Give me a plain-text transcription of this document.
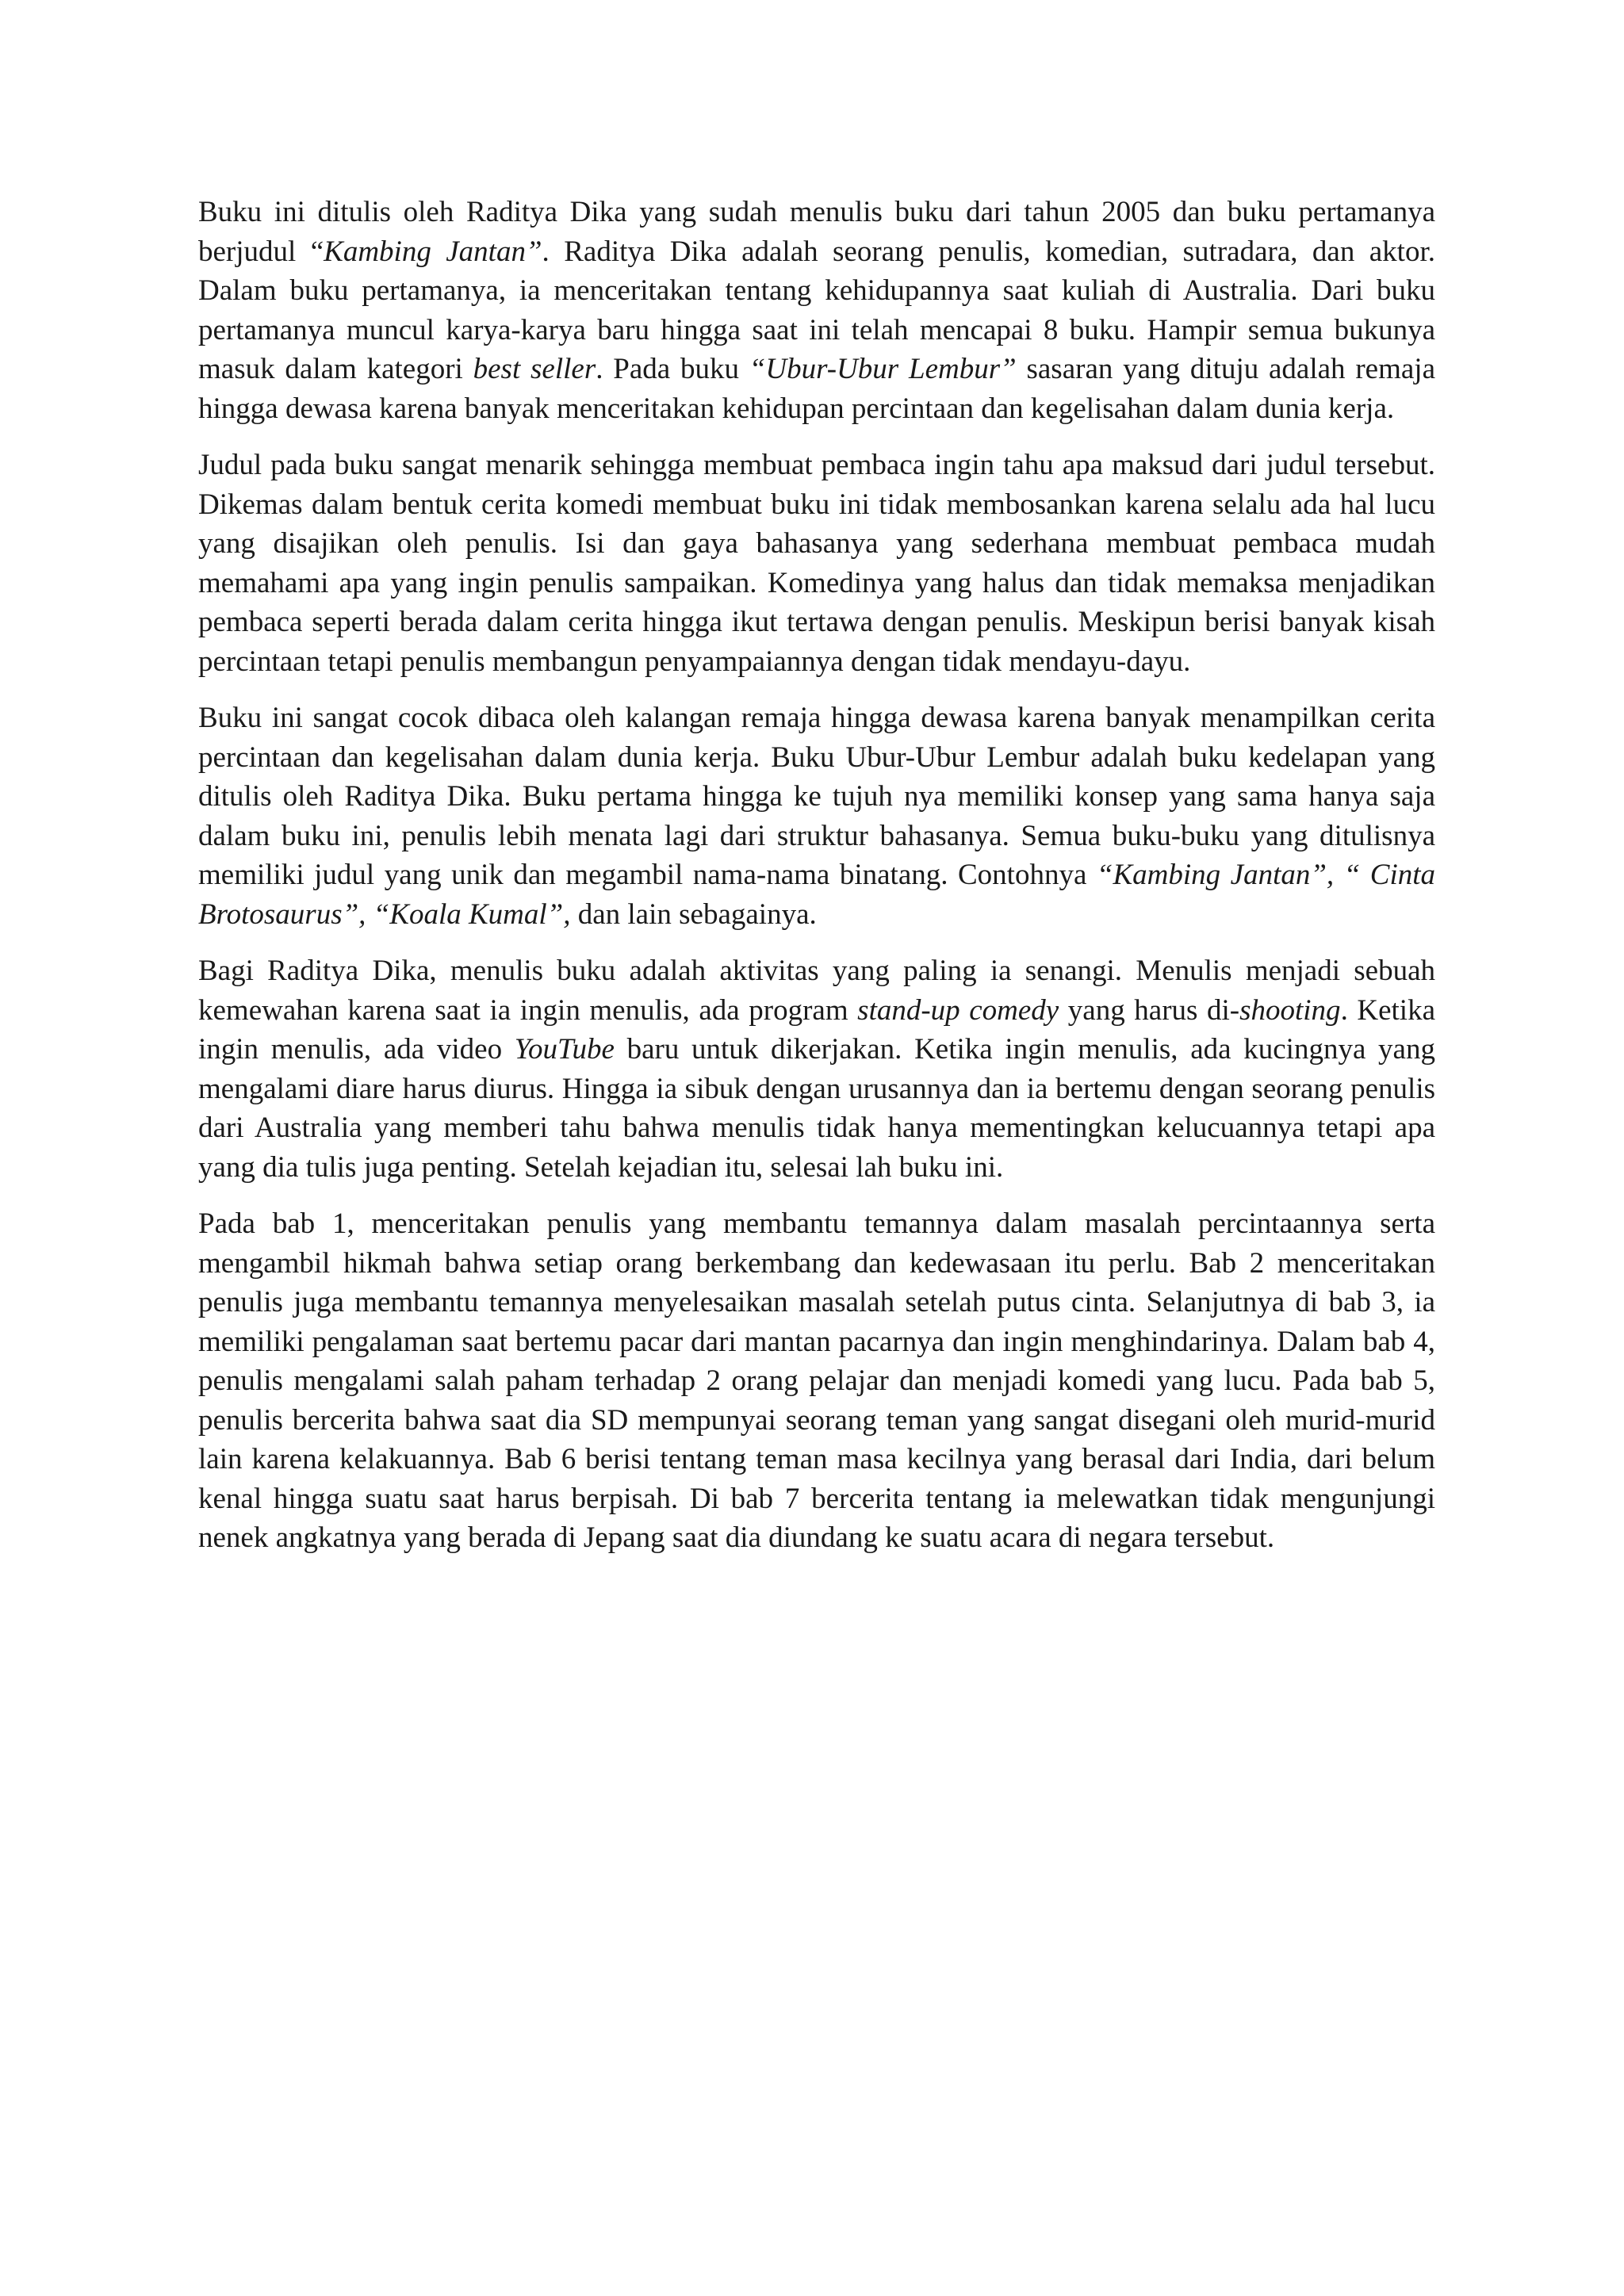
Buku ini ditulis oleh Raditya Dika yang sudah menulis buku dari tahun 2005 dan buku pertamanya berjudul “Kambing Jantan”. Raditya Dika adalah seorang penulis, komedian, sutradara, dan aktor. Dalam buku pertamanya, ia menceritakan tentang kehidupannya saat kuliah di Australia. Dari buku pertamanya muncul karya-karya baru hingga saat ini telah mencapai 8 buku. Hampir semua bukunya masuk dalam kategori best seller. Pada buku “Ubur-Ubur Lembur” sasaran yang dituju adalah remaja hingga dewasa karena banyak menceritakan kehidupan percintaan dan kegelisahan dalam dunia kerja.

Judul pada buku sangat menarik sehingga membuat pembaca ingin tahu apa maksud dari judul tersebut. Dikemas dalam bentuk cerita komedi membuat buku ini tidak membosankan karena selalu ada hal lucu yang disajikan oleh penulis. Isi dan gaya bahasanya yang sederhana membuat pembaca mudah memahami apa yang ingin penulis sampaikan. Komedinya yang halus dan tidak memaksa menjadikan pembaca seperti berada dalam cerita hingga ikut tertawa dengan penulis. Meskipun berisi banyak kisah percintaan tetapi penulis membangun penyampaiannya dengan tidak mendayu-dayu.

Buku ini sangat cocok dibaca oleh kalangan remaja hingga dewasa karena banyak menampilkan cerita percintaan dan kegelisahan dalam dunia kerja. Buku Ubur-Ubur Lembur adalah buku kedelapan yang ditulis oleh Raditya Dika. Buku pertama hingga ke tujuh nya memiliki konsep yang sama hanya saja dalam buku ini, penulis lebih menata lagi dari struktur bahasanya. Semua buku-buku yang ditulisnya memiliki judul yang unik dan megambil nama-nama binatang. Contohnya “Kambing Jantan”, “ Cinta Brotosaurus”, “Koala Kumal”, dan lain sebagainya.

Bagi Raditya Dika, menulis buku adalah aktivitas yang paling ia senangi. Menulis menjadi sebuah kemewahan karena saat ia ingin menulis, ada program stand-up comedy yang harus di-shooting. Ketika ingin menulis, ada video YouTube baru untuk dikerjakan. Ketika ingin menulis, ada kucingnya yang mengalami diare harus diurus. Hingga ia sibuk dengan urusannya dan ia bertemu dengan seorang penulis dari Australia yang memberi tahu bahwa menulis tidak hanya mementingkan kelucuannya tetapi apa yang dia tulis juga penting. Setelah kejadian itu, selesai lah buku ini.

Pada bab 1, menceritakan penulis yang membantu temannya dalam masalah percintaannya serta mengambil hikmah bahwa setiap orang berkembang dan kedewasaan itu perlu. Bab 2 menceritakan penulis juga membantu temannya menyelesaikan masalah setelah putus cinta. Selanjutnya di bab 3, ia memiliki pengalaman saat bertemu pacar dari mantan pacarnya dan ingin menghindarinya. Dalam bab 4, penulis mengalami salah paham terhadap 2 orang pelajar dan menjadi komedi yang lucu. Pada bab 5, penulis bercerita bahwa saat dia SD mempunyai seorang teman yang sangat disegani oleh murid-murid lain karena kelakuannya. Bab 6 berisi tentang teman masa kecilnya yang berasal dari India, dari belum kenal hingga suatu saat harus berpisah. Di bab 7 bercerita tentang ia melewatkan tidak mengunjungi nenek angkatnya yang berada di Jepang saat dia diundang ke suatu acara di negara tersebut.
